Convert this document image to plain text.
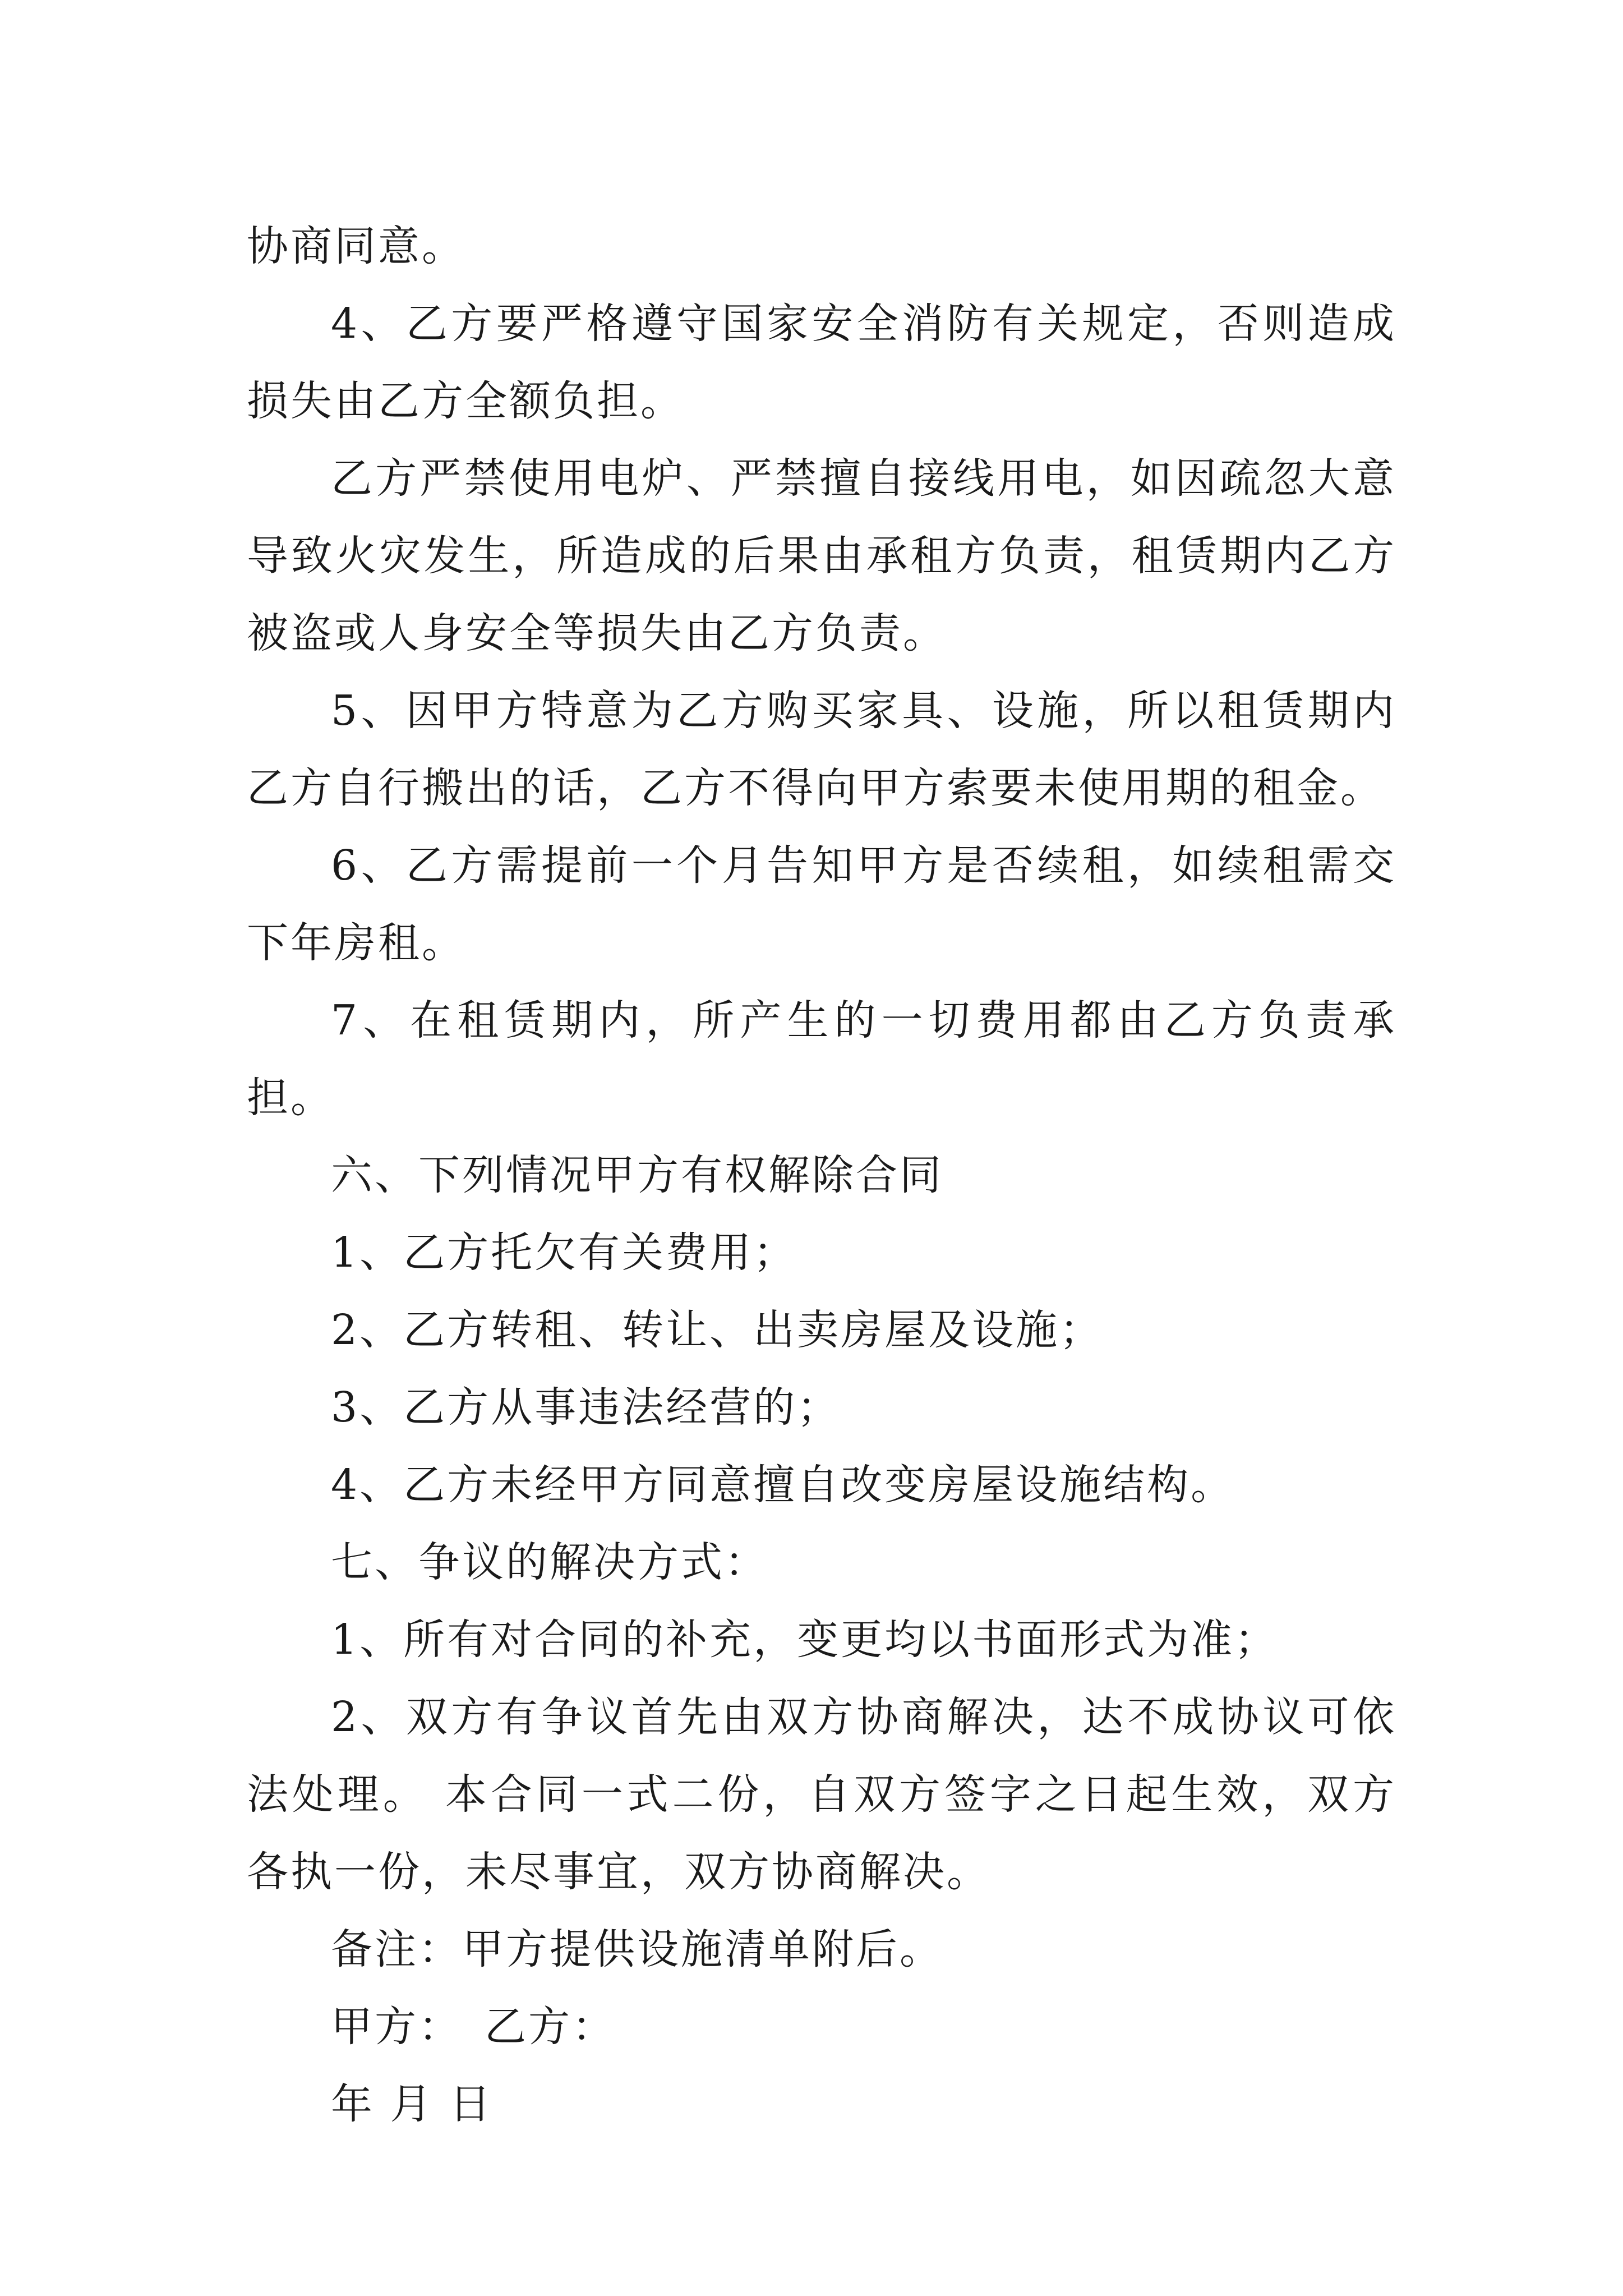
协商同意。

4、乙方要严格遵守国家安全消防有关规定，否则造成损失由乙方全额负担。

乙方严禁使用电炉、严禁擅自接线用电，如因疏忽大意导致火灾发生，所造成的后果由承租方负责，租赁期内乙方被盗或人身安全等损失由乙方负责。

5、因甲方特意为乙方购买家具、设施，所以租赁期内乙方自行搬出的话，乙方不得向甲方索要未使用期的租金。

6、乙方需提前一个月告知甲方是否续租，如续租需交下年房租。

7、在租赁期内，所产生的一切费用都由乙方负责承担。

六、下列情况甲方有权解除合同

1、乙方托欠有关费用；

2、乙方转租、转让、出卖房屋及设施；

3、乙方从事违法经营的；

4、乙方未经甲方同意擅自改变房屋设施结构。

七、争议的解决方式：

1、所有对合同的补充，变更均以书面形式为准；

2、双方有争议首先由双方协商解决，达不成协议可依法处理。 本合同一式二份，自双方签字之日起生效，双方各执一份，未尽事宜，双方协商解决。

备注：甲方提供设施清单附后。

甲方： 乙方：

年 月 日
